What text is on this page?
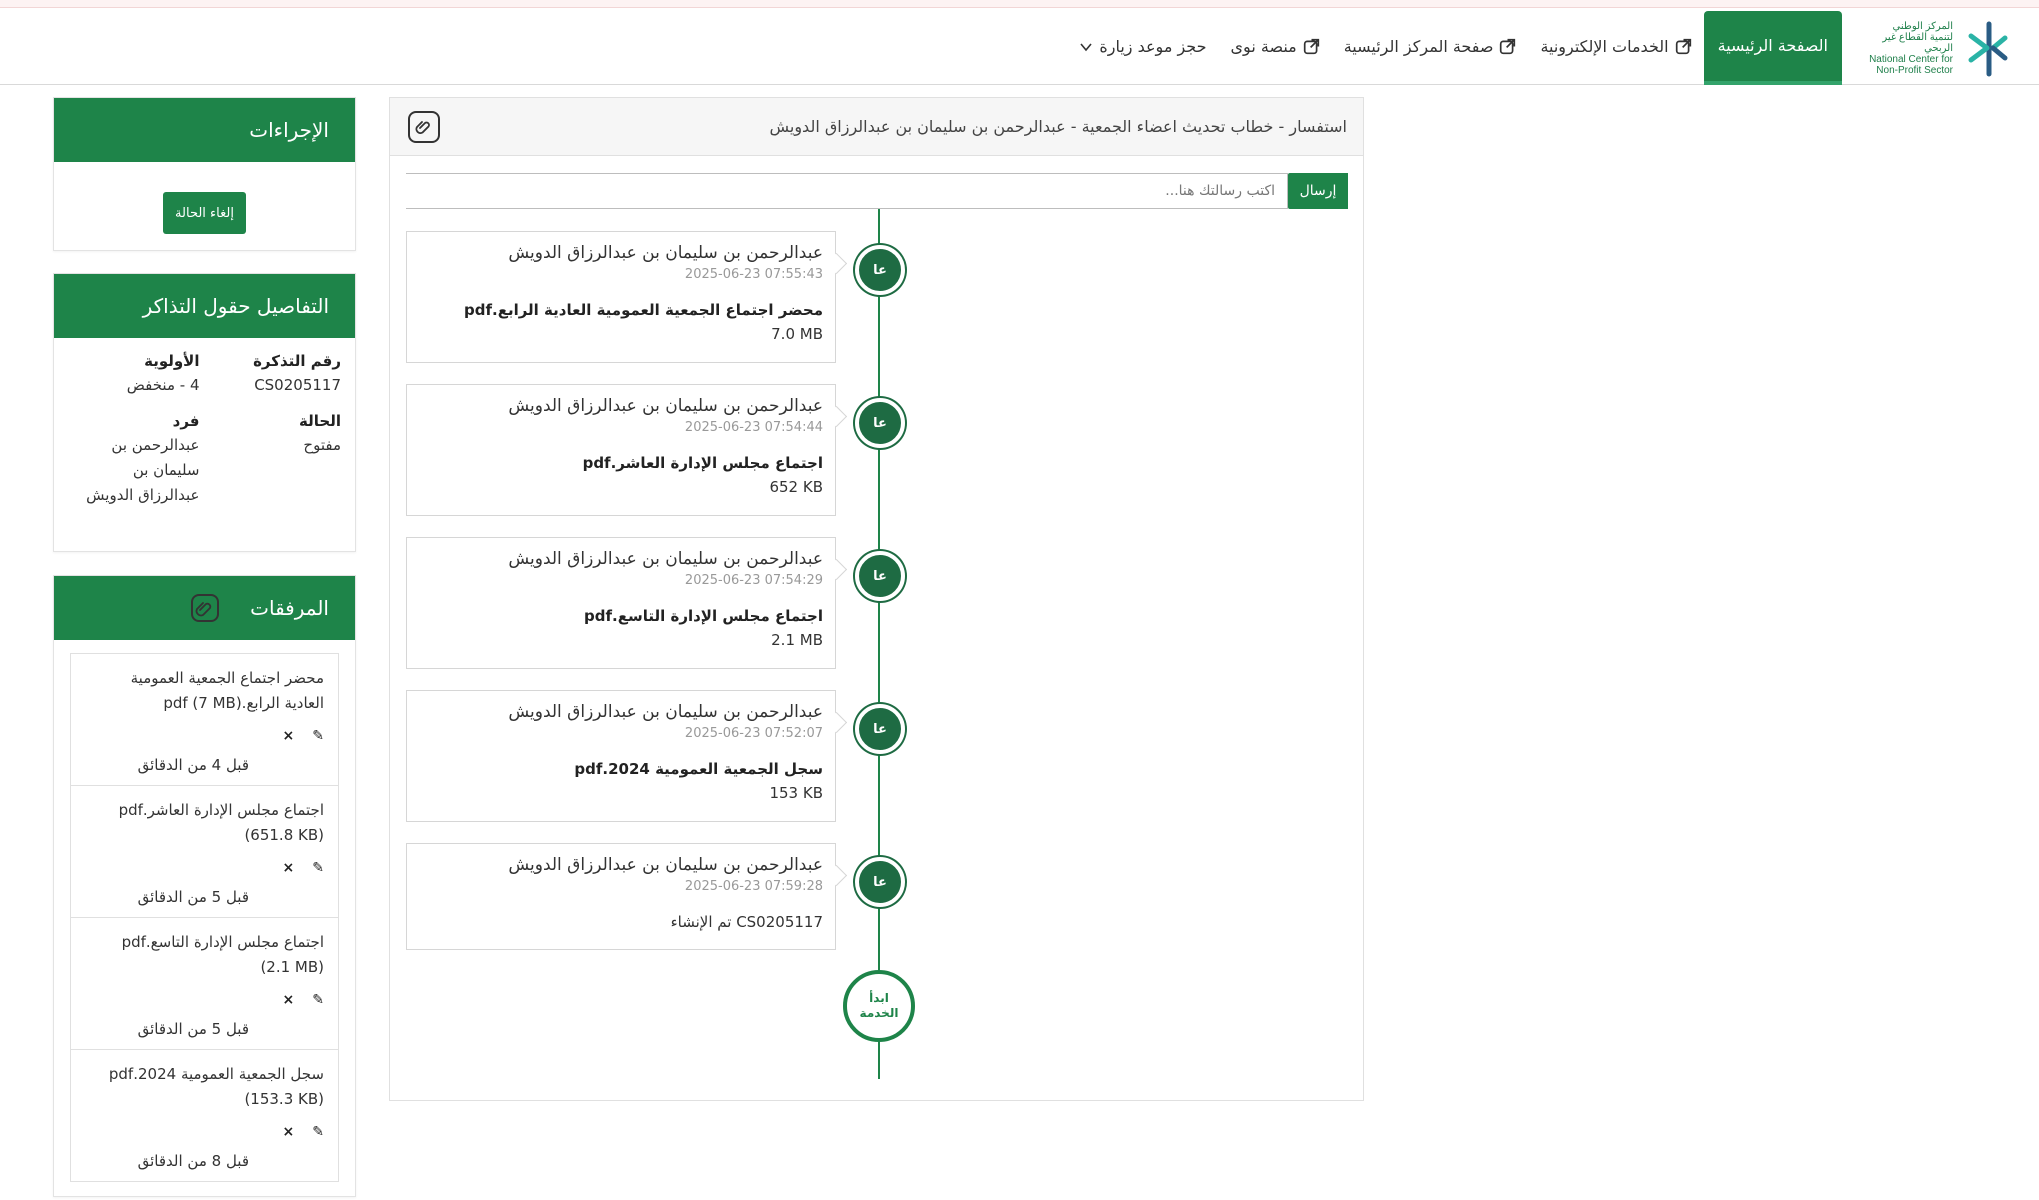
المركز الوطني لتنمية القطاع غير الربحي
National Center for Non-Profit Sector
الصفحة الرئيسية
الخدمات الإلكترونية
صفحة المركز الرئيسية
منصة نوى
حجز موعد زيارة
الإجراءات
إلغاء الحالة
التفاصيل حقول التذاكر
رقم التذكرة
CS0205117
الأولوية
4 - منخفض
الحالة
مفتوح
فرد
عبدالرحمن بن سليمان بن عبدالرزاق الدويش
المرفقات
محضر اجتماع الجمعية العمومية العادية الرابع.pdf (7 MB)
× ✎
قبل 4 من الدقائق
اجتماع مجلس الإدارة العاشر.pdf (651.8 KB)
× ✎
قبل 5 من الدقائق
اجتماع مجلس الإدارة التاسع.pdf (2.1 MB)
× ✎
قبل 5 من الدقائق
سجل الجمعية العمومية 2024.pdf (153.3 KB)
× ✎
قبل 8 من الدقائق
استفسار - خطاب تحديث اعضاء الجمعية - عبدالرحمن بن سليمان بن عبدالرزاق الدويش
اكتب رسالتك هنا...
إرسال
عبدالرحمن بن سليمان بن عبدالرزاق الدويش
2025-06-23 07:55:43
محضر اجتماع الجمعية العمومية العادية الرابع.pdf
7.0 MB
عا
عبدالرحمن بن سليمان بن عبدالرزاق الدويش
2025-06-23 07:54:44
اجتماع مجلس الإدارة العاشر.pdf
652 KB
عا
عبدالرحمن بن سليمان بن عبدالرزاق الدويش
2025-06-23 07:54:29
اجتماع مجلس الإدارة التاسع.pdf
2.1 MB
عا
عبدالرحمن بن سليمان بن عبدالرزاق الدويش
2025-06-23 07:52:07
سجل الجمعية العمومية 2024.pdf
153 KB
عا
عبدالرحمن بن سليمان بن عبدالرزاق الدويش
2025-06-23 07:59:28
CS0205117 تم الإنشاء
عا
ابدأ الخدمة
